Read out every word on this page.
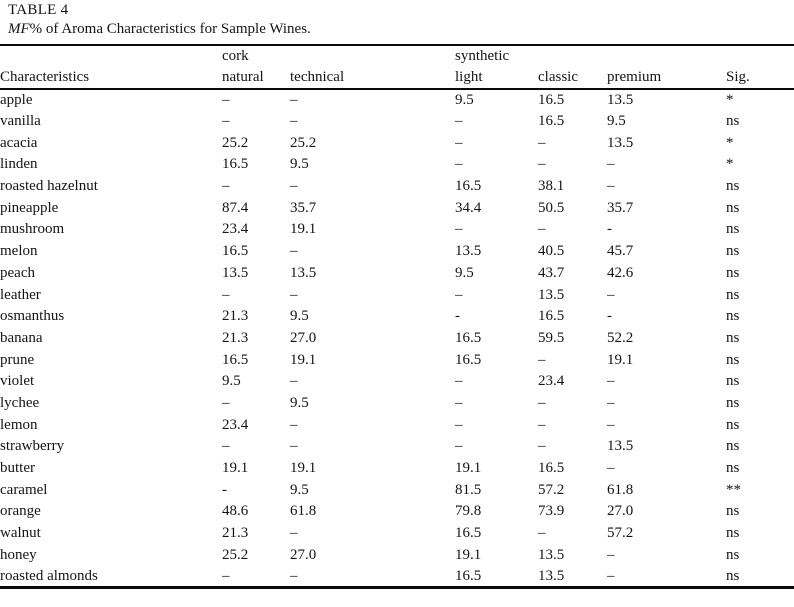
TABLE 4
MF% of Aroma Characteristics for Sample Wines.
	cork		synthetic			
Characteristics	natural	technical	light	classic	premium	Sig.
apple	–	–	9.5	16.5	13.5	*
vanilla	–	–	–	16.5	9.5	ns
acacia	25.2	25.2	–	–	13.5	*
linden	16.5	9.5	–	–	–	*
roasted hazelnut	–	–	16.5	38.1	–	ns
pineapple	87.4	35.7	34.4	50.5	35.7	ns
mushroom	23.4	19.1	–	–	-	ns
melon	16.5	–	13.5	40.5	45.7	ns
peach	13.5	13.5	9.5	43.7	42.6	ns
leather	–	–	–	13.5	–	ns
osmanthus	21.3	9.5	-	16.5	-	ns
banana	21.3	27.0	16.5	59.5	52.2	ns
prune	16.5	19.1	16.5	–	19.1	ns
violet	9.5	–	–	23.4	–	ns
lychee	–	9.5	–	–	–	ns
lemon	23.4	–	–	–	–	ns
strawberry	–	–	–	–	13.5	ns
butter	19.1	19.1	19.1	16.5	–	ns
caramel	-	9.5	81.5	57.2	61.8	**
orange	48.6	61.8	79.8	73.9	27.0	ns
walnut	21.3	–	16.5	–	57.2	ns
honey	25.2	27.0	19.1	13.5	–	ns
roasted almonds	–	–	16.5	13.5	–	ns
